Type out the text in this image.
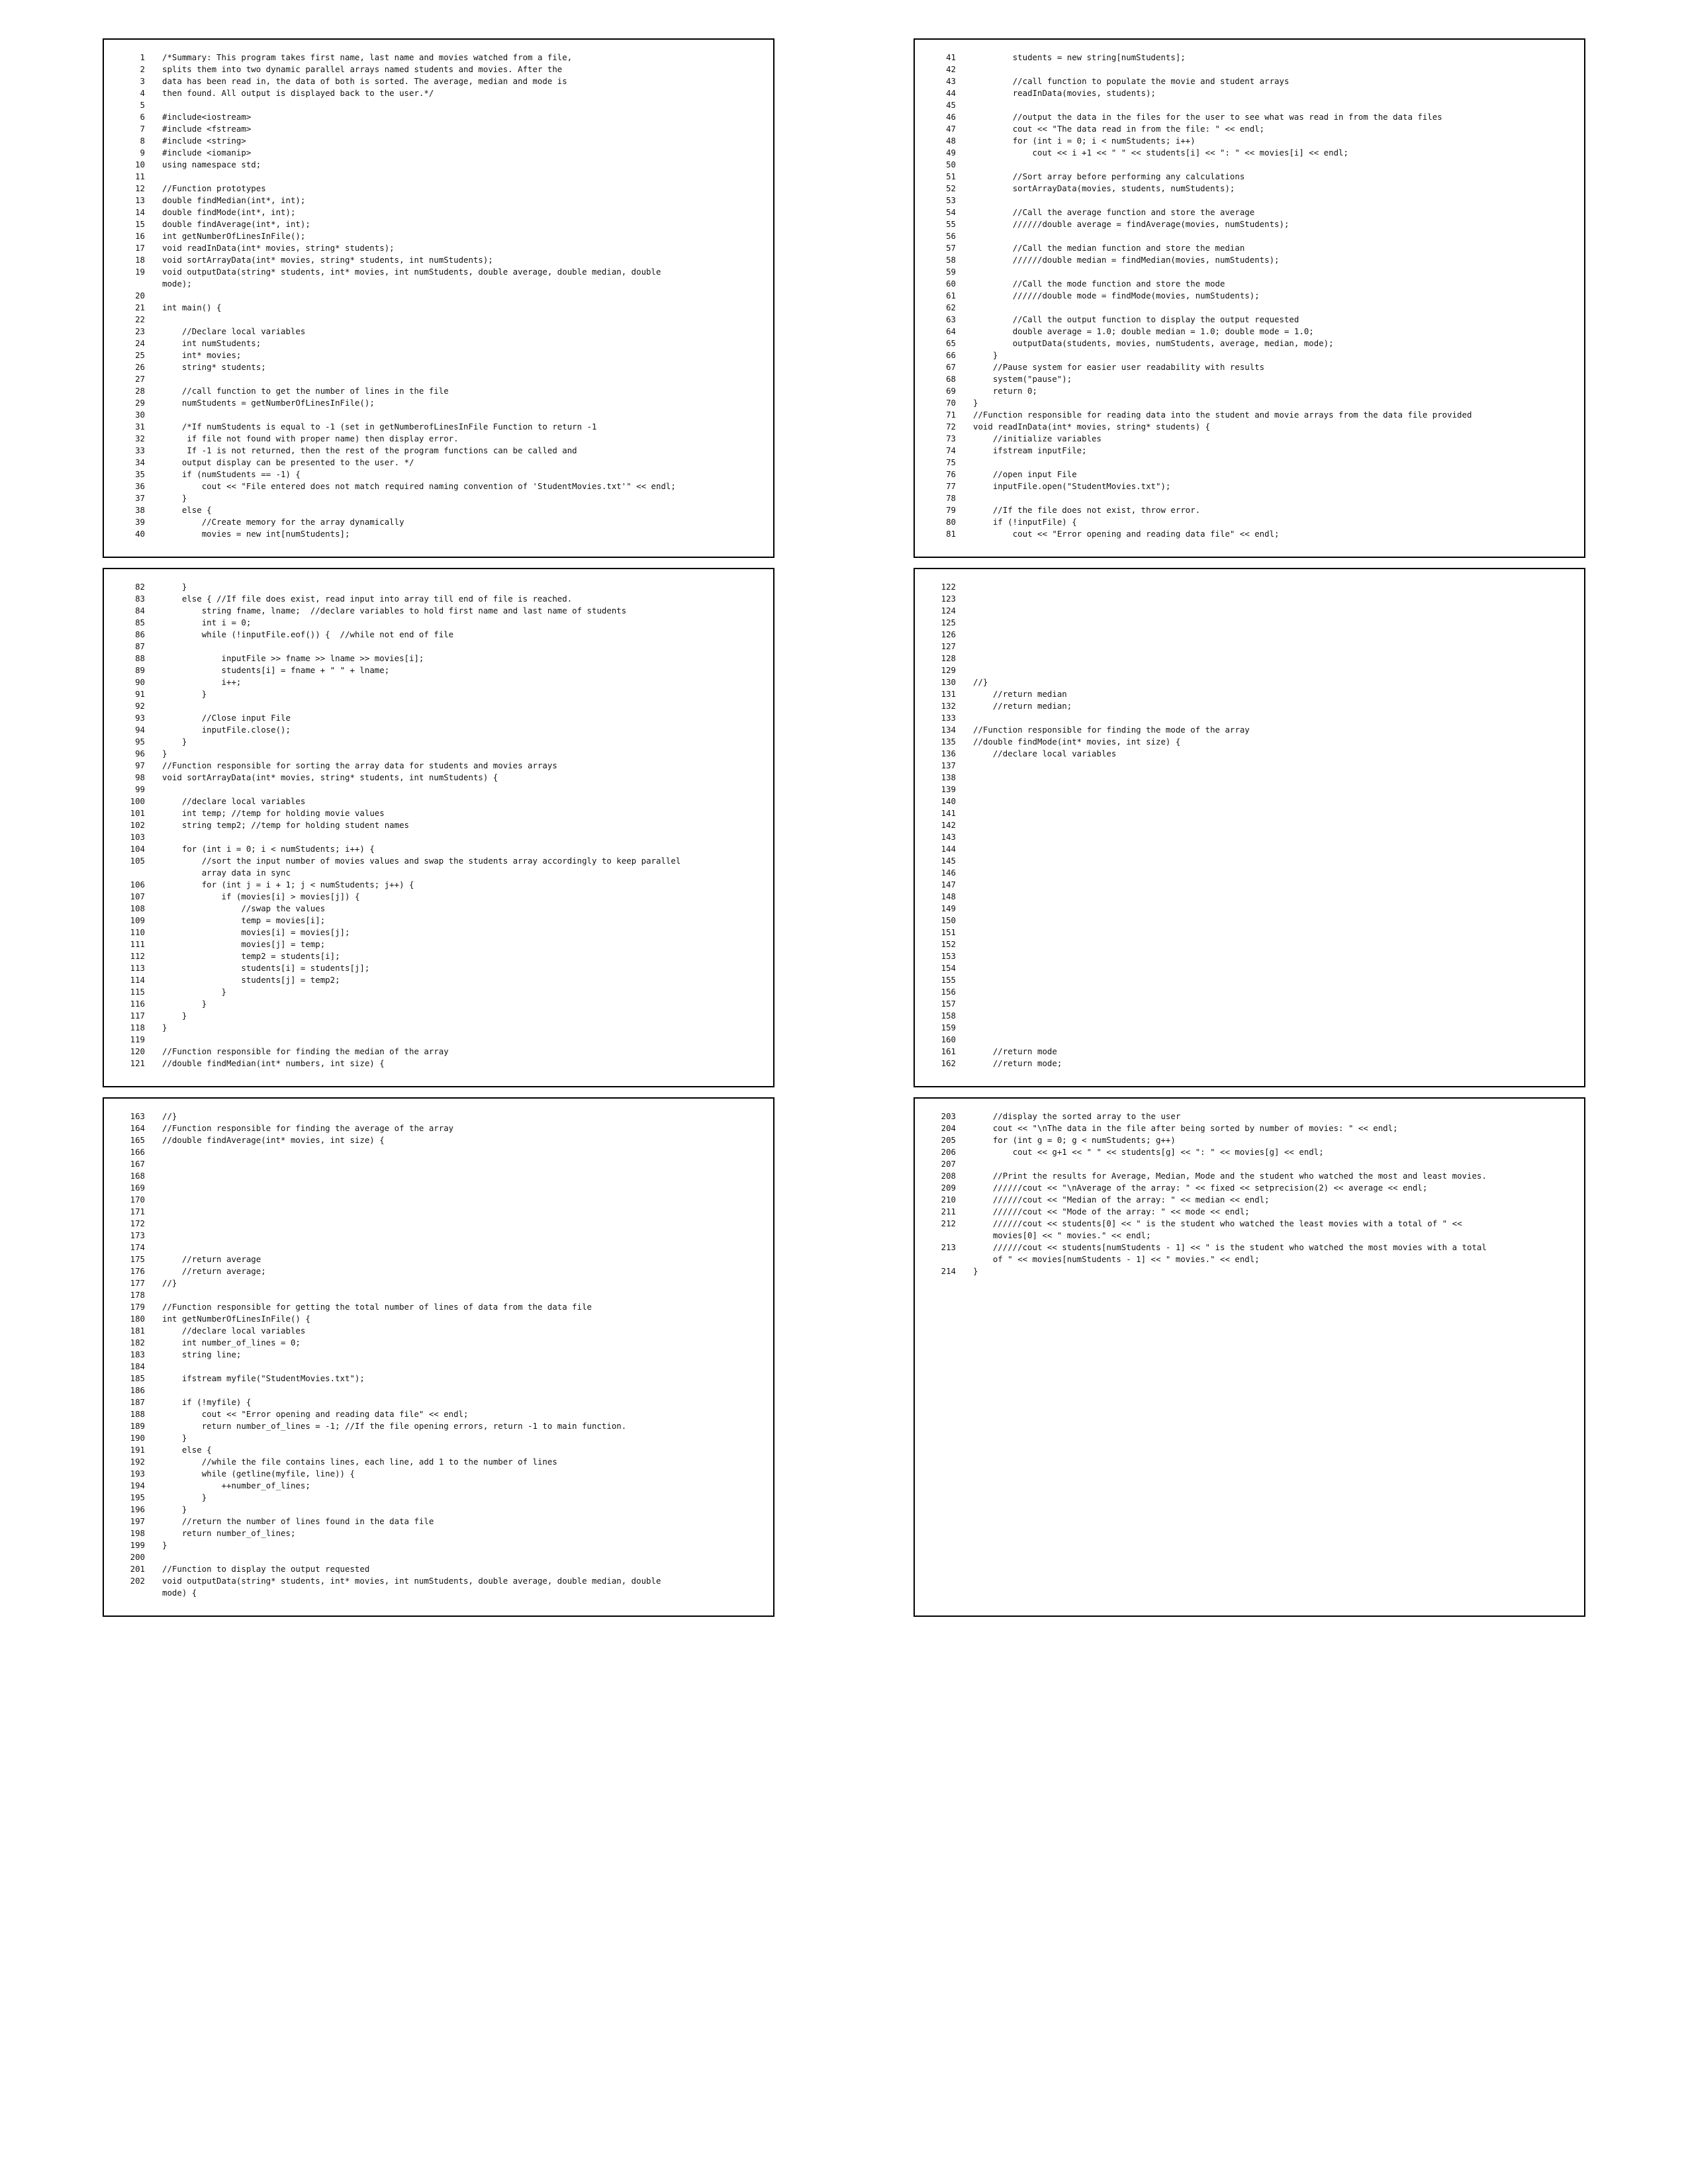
1	/*Summary: This program takes first name, last name and movies watched from a file,
2	splits them into two dynamic parallel arrays named students and movies. After the
3	data has been read in, the data of both is sorted. The average, median and mode is
4	then found. All output is displayed back to the user.*/
5
6	#include<iostream>
7	#include <fstream>
8	#include <string>
9	#include <iomanip>
10	using namespace std;
11
12	//Function prototypes
13	double findMedian(int*, int);
14	double findMode(int*, int);
15	double findAverage(int*, int);
16	int getNumberOfLinesInFile();
17	void readInData(int* movies, string* students);
18	void sortArrayData(int* movies, string* students, int numStudents);
19	void outputData(string* students, int* movies, int numStudents, double average, double median, double
mode);
20
21	int main() {
22
23	//Declare local variables
24	int numStudents;
25	int* movies;
26	string* students;
27
28	//call function to get the number of lines in the file
29	numStudents = getNumberOfLinesInFile();
30
31	/*If numStudents is equal to -1 (set in getNumberofLinesInFile Function to return -1
32	if file not found with proper name) then display error.
33	If -1 is not returned, then the rest of the program functions can be called and
34	output display can be presented to the user. */
35	if (numStudents == -1) {
36	cout << "File entered does not match required naming convention of 'StudentMovies.txt'" << endl;
37	}
38	else {
39	//Create memory for the array dynamically
40	movies = new int[numStudents];
41	students = new string[numStudents];
42
43	//call function to populate the movie and student arrays
44	readInData(movies, students);
45
46	//output the data in the files for the user to see what was read in from the data files
47	cout << "The data read in from the file: " << endl;
48	for (int i = 0; i < numStudents; i++)
49	cout << i +1 << " " << students[i] << ": " << movies[i] << endl;
50
51	//Sort array before performing any calculations
52	sortArrayData(movies, students, numStudents);
53
54	//Call the average function and store the average
55	//////double average = findAverage(movies, numStudents);
56
57	//Call the median function and store the median
58	//////double median = findMedian(movies, numStudents);
59
60	//Call the mode function and store the mode
61	//////double mode = findMode(movies, numStudents);
62
63	//Call the output function to display the output requested
64	double average = 1.0; double median = 1.0; double mode = 1.0;
65	outputData(students, movies, numStudents, average, median, mode);
66	}
67	//Pause system for easier user readability with results
68	system("pause");
69	return 0;
70	}
71	//Function responsible for reading data into the student and movie arrays from the data file provided
72	void readInData(int* movies, string* students) {
73	//initialize variables
74	ifstream inputFile;
75
76	//open input File
77	inputFile.open("StudentMovies.txt");
78
79	//If the file does not exist, throw error.
80	if (!inputFile) {
81	cout << "Error opening and reading data file" << endl;
82	}
83	else { //If file does exist, read input into array till end of file is reached.
84	string fname, lname;  //declare variables to hold first name and last name of students
85	int i = 0;
86	while (!inputFile.eof()) {  //while not end of file
87
88	inputFile >> fname >> lname >> movies[i];
89	students[i] = fname + " " + lname;
90	i++;
91	}
92
93	//Close input File
94	inputFile.close();
95	}
96	}
97	//Function responsible for sorting the array data for students and movies arrays
98	void sortArrayData(int* movies, string* students, int numStudents) {
99
100	//declare local variables
101	int temp; //temp for holding movie values
102	string temp2; //temp for holding student names
103
104	for (int i = 0; i < numStudents; i++) {
105	//sort the input number of movies values and swap the students array accordingly to keep parallel
array data in sync
106	for (int j = i + 1; j < numStudents; j++) {
107	if (movies[i] > movies[j]) {
108	//swap the values
109	temp = movies[i];
110	movies[i] = movies[j];
111	movies[j] = temp;
112	temp2 = students[i];
113	students[i] = students[j];
114	students[j] = temp2;
115	}
116	}
117	}
118	}
119
120	//Function responsible for finding the median of the array
121	//double findMedian(int* numbers, int size) {
122
123
124
125
126
127
128
129
130	//}
131	//return median
132	//return median;
133
134	//Function responsible for finding the mode of the array
135	//double findMode(int* movies, int size) {
136	//declare local variables
137
138
139
140
141
142
143
144
145
146
147
148
149
150
151
152
153
154
155
156
157
158
159
160
161	//return mode
162	//return mode;
163	//}
164	//Function responsible for finding the average of the array
165	//double findAverage(int* movies, int size) {
166
167
168
169
170
171
172
173
174
175	//return average
176	//return average;
177	//}
178
179	//Function responsible for getting the total number of lines of data from the data file
180	int getNumberOfLinesInFile() {
181	//declare local variables
182	int number_of_lines = 0;
183	string line;
184
185	ifstream myfile("StudentMovies.txt");
186
187	if (!myfile) {
188	cout << "Error opening and reading data file" << endl;
189	return number_of_lines = -1; //If the file opening errors, return -1 to main function.
190	}
191	else {
192	//while the file contains lines, each line, add 1 to the number of lines
193	while (getline(myfile, line)) {
194	++number_of_lines;
195	}
196	}
197	//return the number of lines found in the data file
198	return number_of_lines;
199	}
200
201	//Function to display the output requested
202	void outputData(string* students, int* movies, int numStudents, double average, double median, double
mode) {
203	//display the sorted array to the user
204	cout << "\nThe data in the file after being sorted by number of movies: " << endl;
205	for (int g = 0; g < numStudents; g++)
206	cout << g+1 << " " << students[g] << ": " << movies[g] << endl;
207
208	//Print the results for Average, Median, Mode and the student who watched the most and least movies.
209	//////cout << "\nAverage of the array: " << fixed << setprecision(2) << average << endl;
210	//////cout << "Median of the array: " << median << endl;
211	//////cout << "Mode of the array: " << mode << endl;
212	//////cout << students[0] << " is the student who watched the least movies with a total of " <<
movies[0] << " movies." << endl;
213	//////cout << students[numStudents - 1] << " is the student who watched the most movies with a total
of " << movies[numStudents - 1] << " movies." << endl;
214	}
